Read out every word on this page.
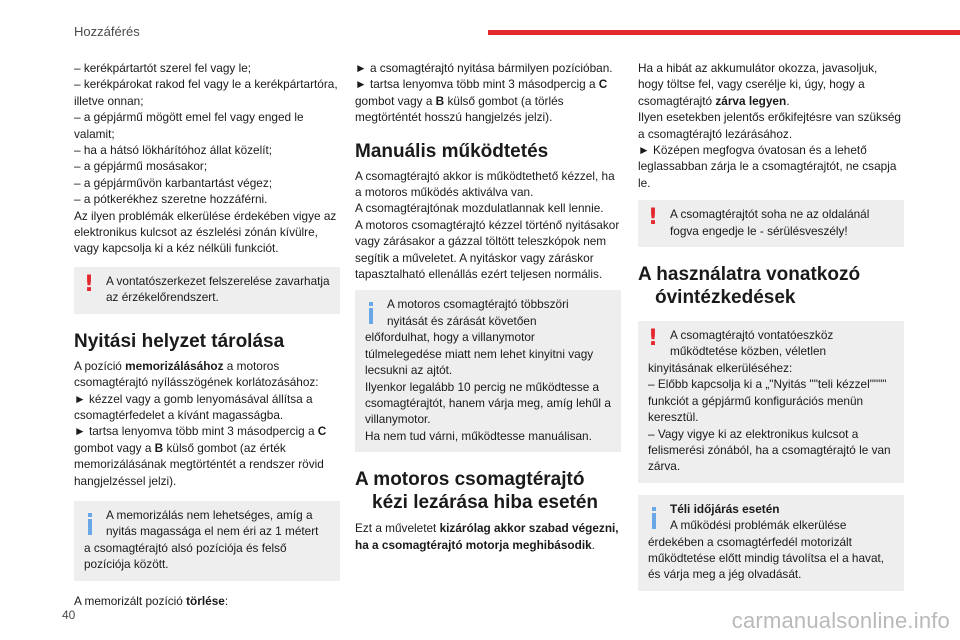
Hozzáférés
– kerékpártartót szerel fel vagy le;
– kerékpárokat rakod fel vagy le a kerékpártartóra, illetve onnan;
– a gépjármű mögött emel fel vagy enged le valamit;
– ha a hátsó lökhárítóhoz állat közelít;
– a gépjármű mosásakor;
– a gépjárművön karbantartást végez;
– a pótkerékhez szeretne hozzáférni.
Az ilyen problémák elkerülése érdekében vigye az elektronikus kulcsot az észlelési zónán kívülre, vagy kapcsolja ki a kéz nélküli funkciót.
!	A vontatószerkezet felszerelése zavarhatja az érzékelőrendszert.
Nyitási helyzet tárolása
A pozíció memorizálásához a motoros csomagtérajtó nyílásszögének korlátozásához:
► kézzel vagy a gomb lenyomásával állítsa a csomagtérfedelet a kívánt magasságba.
► tartsa lenyomva több mint 3 másodpercig a C gombot vagy a B külső gombot (az érték memorizálásának megtörténtét a rendszer rövid hangjelzéssel jelzi).
A memorizálás nem lehetséges, amíg a nyitás magassága el nem éri az 1 métert
a csomagtérajtó alsó pozíciója és felső pozíciója között.
A memorizált pozíció törlése:
► a csomagtérajtó nyitása bármilyen pozícióban.
► tartsa lenyomva több mint 3 másodpercig a C gombot vagy a B külső gombot (a törlés megtörténtét hosszú hangjelzés jelzi).
Manuális működtetés
A csomagtérajtó akkor is működtethető kézzel, ha a motoros működés aktiválva van.
A csomagtérajtónak mozdulatlannak kell lennie.
A motoros csomagtérajtó kézzel történő nyitásakor vagy zárásakor a gázzal töltött teleszkópok nem segítik a műveletet. A nyitáskor vagy záráskor tapasztalható ellenállás ezért teljesen normális.
A motoros csomagtérajtó többszöri nyitását és zárását követően
előfordulhat, hogy a villanymotor túlmelegedése miatt nem lehet kinyitni vagy lecsukni az ajtót.
Ilyenkor legalább 10 percig ne működtesse a csomagtérajtót, hanem várja meg, amíg lehűl a villanymotor.
Ha nem tud várni, működtesse manuálisan.
A motoros csomagtérajtó
kézi lezárása hiba esetén
Ezt a műveletet kizárólag akkor szabad végezni, ha a csomagtérajtó motorja meghibásodik.
Ha a hibát az akkumulátor okozza, javasoljuk, hogy töltse fel, vagy cserélje ki, úgy, hogy a csomagtérajtó zárva legyen.
Ilyen esetekben jelentős erőkifejtésre van szükség a csomagtérajtó lezárásához.
► Középen megfogva óvatosan és a lehető leglassabban zárja le a csomagtérajtót, ne csapja le.
!	A csomagtérajtót soha ne az oldalánál fogva engedje le - sérülésveszély!
A használatra vonatkozó
óvintézkedések
!	A csomagtérajtó vontatóeszköz működtetése közben, véletlen
kinyitásának elkerüléséhez:
– Előbb kapcsolja ki a „"Nyitás ""teli kézzel"""" funkciót a gépjármű konfigurációs menün keresztül.
– Vagy vigye ki az elektronikus kulcsot a felismerési zónából, ha a csomagtérajtó le van zárva.
Téli időjárás esetén
A működési problémák elkerülése
érdekében a csomagtérfedél motorizált működtetése előtt mindig távolítsa el a havat, és várja meg a jég olvadását.
40	carmanualsonline.info
